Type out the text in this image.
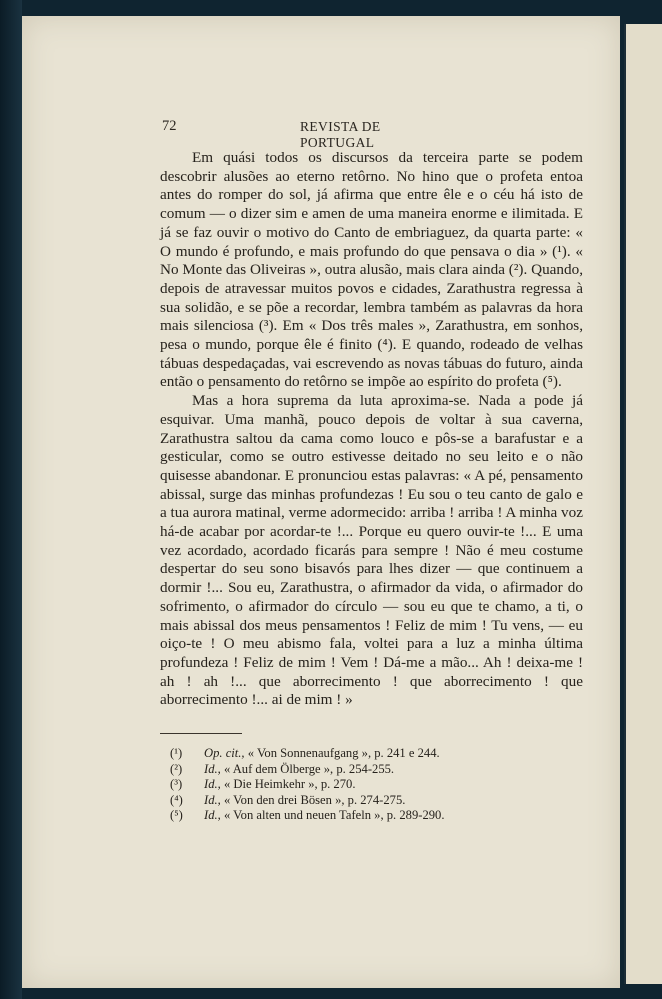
72	REVISTA DE PORTUGAL

Em quási todos os discursos da terceira parte se podem descobrir alusões ao eterno retôrno. No hino que o profeta entoa antes do romper do sol, já afirma que entre êle e o céu há isto de comum — o dizer sim e amen de uma maneira enorme e ilimitada. E já se faz ouvir o motivo do Canto de embriaguez, da quarta parte: « O mundo é profundo, e mais profundo do que pensava o dia » (¹). « No Monte das Oliveiras », outra alusão, mais clara ainda (²). Quando, depois de atravessar muitos povos e cidades, Zarathustra regressa à sua solidão, e se põe a recordar, lembra também as palavras da hora mais silenciosa (³). Em « Dos três males », Zarathustra, em sonhos, pesa o mundo, porque êle é finito (⁴). E quando, rodeado de velhas tábuas despedaçadas, vai escrevendo as novas tábuas do futuro, ainda então o pensamento do retôrno se impõe ao espírito do profeta (⁵).

Mas a hora suprema da luta aproxima-se. Nada a pode já esquivar. Uma manhã, pouco depois de voltar à sua caverna, Zarathustra saltou da cama como louco e pôs-se a barafustar e a gesticular, como se outro estivesse deitado no seu leito e o não quisesse abandonar. E pronunciou estas palavras: « A pé, pensamento abissal, surge das minhas profundezas ! Eu sou o teu canto de galo e a tua aurora matinal, verme adormecido: arriba ! arriba ! A minha voz há-de acabar por acordar-te !... Porque eu quero ouvir-te !... E uma vez acordado, acordado ficarás para sempre ! Não é meu costume despertar do seu sono bisavós para lhes dizer — que continuem a dormir !... Sou eu, Zarathustra, o afirmador da vida, o afirmador do sofrimento, o afirmador do círculo — sou eu que te chamo, a ti, o mais abissal dos meus pensamentos ! Feliz de mim ! Tu vens, — eu oiço-te ! O meu abismo fala, voltei para a luz a minha última profundeza ! Feliz de mim ! Vem ! Dá-me a mão... Ah ! deixa-me ! ah ! ah !... que aborrecimento ! que aborrecimento ! que aborrecimento !... ai de mim ! »

(¹) Op. cit., « Von Sonnenaufgang », p. 241 e 244.
(²) Id., « Auf dem Ölberge », p. 254-255.
(³) Id., « Die Heimkehr », p. 270.
(⁴) Id., « Von den drei Bösen », p. 274-275.
(⁵) Id., « Von alten und neuen Tafeln », p. 289-290.
